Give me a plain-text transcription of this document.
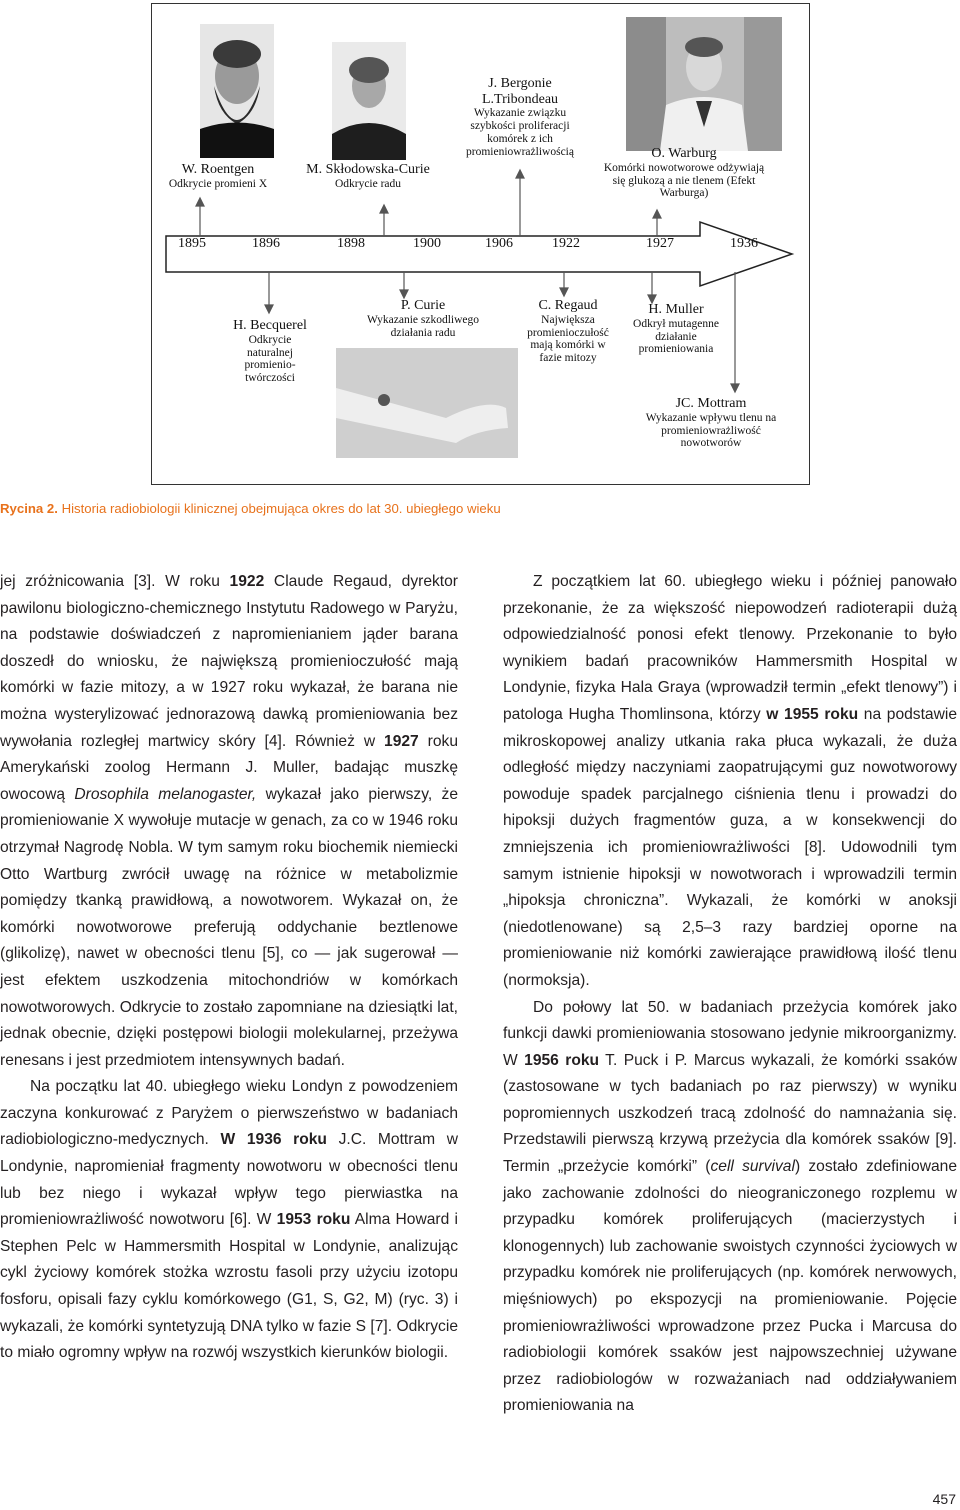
W. Roentgen
Odkrycie promieni X
M. Skłodowska-Curie
Odkrycie radu
J. Bergonie
L.Tribondeau
Wykazanie związku szybkości proliferacji komórek z ich promieniowrażliwością	O. Warburg
Komórki nowotworowe odżywiają się glukozą a nie tlenem (Efekt Warburga)
1895	1896	1898	1900	1906	1922	1927	1936
H. Becquerel
Odkrycie naturalnej promienio-twórczości
P. Curie
Wykazanie szkodliwego działania radu
C. Regaud
Największa promienioczułość mają komórki w fazie mitozy
H. Muller
Odkrył mutagenne działanie promieniowania
JC. Mottram
Wykazanie wpływu tlenu na promieniowrażliwość nowotworów
Rycina 2. Historia radiobiologii klinicznej obejmująca okres do lat 30. ubiegłego wieku

jej zróżnicowania [3]. W roku 1922 Claude Regaud, dyrektor pawilonu biologiczno-chemicznego Instytutu Radowego w Paryżu, na podstawie doświadczeń z napromienianiem jąder barana doszedł do wniosku, że największą promienioczułość mają komórki w fazie mitozy, a w 1927 roku wykazał, że barana nie można wysterylizować jednorazową dawką promieniowania bez wywołania rozległej martwicy skóry [4]. Również w 1927 roku Amerykański zoolog Hermann J. Muller, badając muszkę owocową Drosophila melanogaster, wykazał jako pierwszy, że promieniowanie X wywołuje mutacje w genach, za co w 1946 roku otrzymał Nagrodę Nobla. W tym samym roku biochemik niemiecki Otto Wartburg zwrócił uwagę na różnice w metabolizmie pomiędzy tkanką prawidłową, a nowotworem. Wykazał on, że komórki nowotworowe preferują oddychanie beztlenowe (glikolizę), nawet w obecności tlenu [5], co — jak sugerował — jest efektem uszkodzenia mitochondriów w komórkach nowotworowych. Odkrycie to zostało zapomniane na dziesiątki lat, jednak obecnie, dzięki postępowi biologii molekularnej, przeżywa renesans i jest przedmiotem intensywnych badań.

Na początku lat 40. ubiegłego wieku Londyn z powodzeniem zaczyna konkurować z Paryżem o pierwszeństwo w badaniach radiobiologiczno-medycznych. W 1936 roku J.C. Mottram w Londynie, napromieniał fragmenty nowotworu w obecności tlenu lub bez niego i wykazał wpływ tego pierwiastka na promieniowrażliwość nowotworu [6]. W 1953 roku Alma Howard i Stephen Pelc w Hammersmith Hospital w Londynie, analizując cykl życiowy komórek stożka wzrostu fasoli przy użyciu izotopu fosforu, opisali fazy cyklu komórkowego (G1, S, G2, M) (ryc. 3) i wykazali, że komórki syntetyzują DNA tylko w fazie S [7]. Odkrycie to miało ogromny wpływ na rozwój wszystkich kierunków biologii.

Z początkiem lat 60. ubiegłego wieku i później panowało przekonanie, że za większość niepowodzeń radioterapii dużą odpowiedzialność ponosi efekt tlenowy. Przekonanie to było wynikiem badań pracowników Hammersmith Hospital w Londynie, fizyka Hala Graya (wprowadził termin „efekt tlenowy”) i patologa Hugha Thomlinsona, którzy w 1955 roku na podstawie mikroskopowej analizy utkania raka płuca wykazali, że duża odległość między naczyniami zaopatrującymi guz nowotworowy powoduje spadek parcjalnego ciśnienia tlenu i prowadzi do hipoksji dużych fragmentów guza, a w konsekwencji do zmniejszenia ich promieniowrażliwości [8]. Udowodnili tym samym istnienie hipoksji w nowotworach i wprowadzili termin „hipoksja chroniczna”. Wykazali, że komórki w anoksji (niedotlenowane) są 2,5–3 razy bardziej oporne na promieniowanie niż komórki zawierające prawidłową ilość tlenu (normoksja).

Do połowy lat 50. w badaniach przeżycia komórek jako funkcji dawki promieniowania stosowano jedynie mikroorganizmy. W 1956 roku T. Puck i P. Marcus wykazali, że komórki ssaków (zastosowane w tych badaniach po raz pierwszy) w wyniku popromiennych uszkodzeń tracą zdolność do namnażania się. Przedstawili pierwszą krzywą przeżycia dla komórek ssaków [9]. Termin „przeżycie komórki” (cell survival) zostało zdefiniowane jako zachowanie zdolności do nieograniczonego rozplemu w przypadku komórek proliferujących (macierzystych i klonogennych) lub zachowanie swoistych czynności życiowych w przypadku komórek nie proliferujących (np. komórek nerwowych, mięśniowych) po ekspozycji na promieniowanie. Pojęcie promieniowrażliwości wprowadzone przez Pucka i Marcusa do radiobiologii komórek ssaków jest najpowszechniej używane przez radiobiologów w rozważaniach nad oddziaływaniem promieniowania na

457
